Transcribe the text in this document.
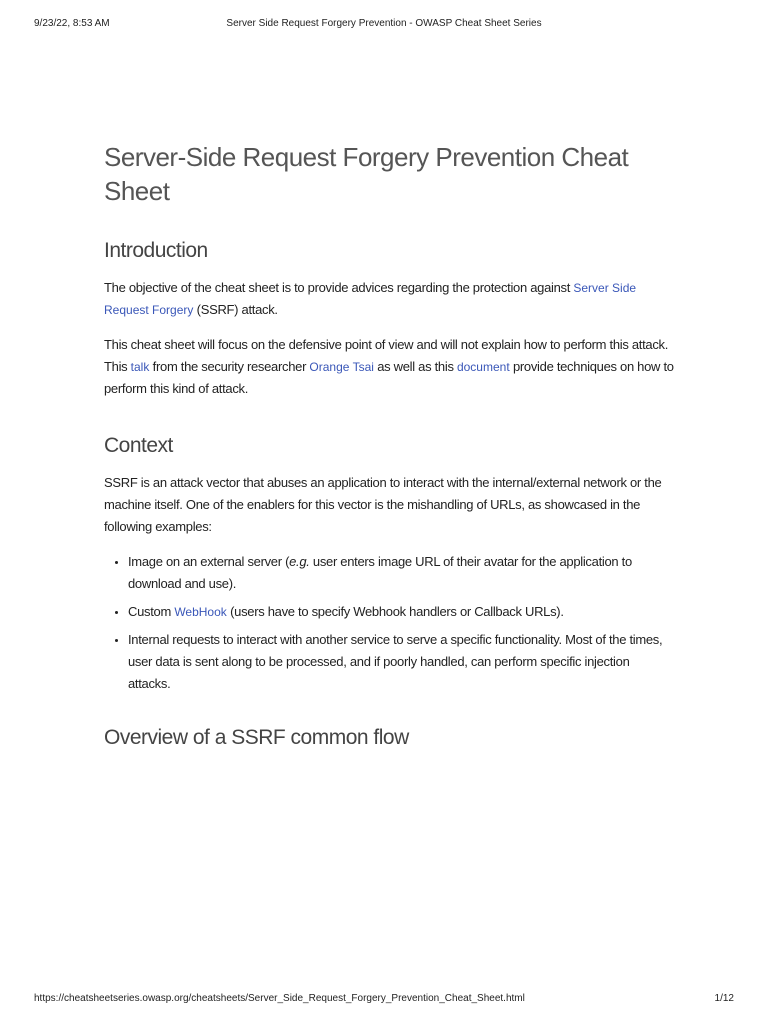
9/23/22, 8:53 AM	Server Side Request Forgery Prevention - OWASP Cheat Sheet Series
Server-Side Request Forgery Prevention Cheat Sheet
Introduction

The objective of the cheat sheet is to provide advices regarding the protection against Server Side Request Forgery (SSRF) attack.

This cheat sheet will focus on the defensive point of view and will not explain how to perform this attack. This talk from the security researcher Orange Tsai as well as this document provide techniques on how to perform this kind of attack.

Context

SSRF is an attack vector that abuses an application to interact with the internal/external network or the machine itself. One of the enablers for this vector is the mishandling of URLs, as showcased in the following examples:

• Image on an external server (e.g. user enters image URL of their avatar for the application to download and use).
• Custom WebHook (users have to specify Webhook handlers or Callback URLs).
• Internal requests to interact with another service to serve a specific functionality. Most of the times, user data is sent along to be processed, and if poorly handled, can perform specific injection attacks.
Overview of a SSRF common flow
https://cheatsheetseries.owasp.org/cheatsheets/Server_Side_Request_Forgery_Prevention_Cheat_Sheet.html	1/12
